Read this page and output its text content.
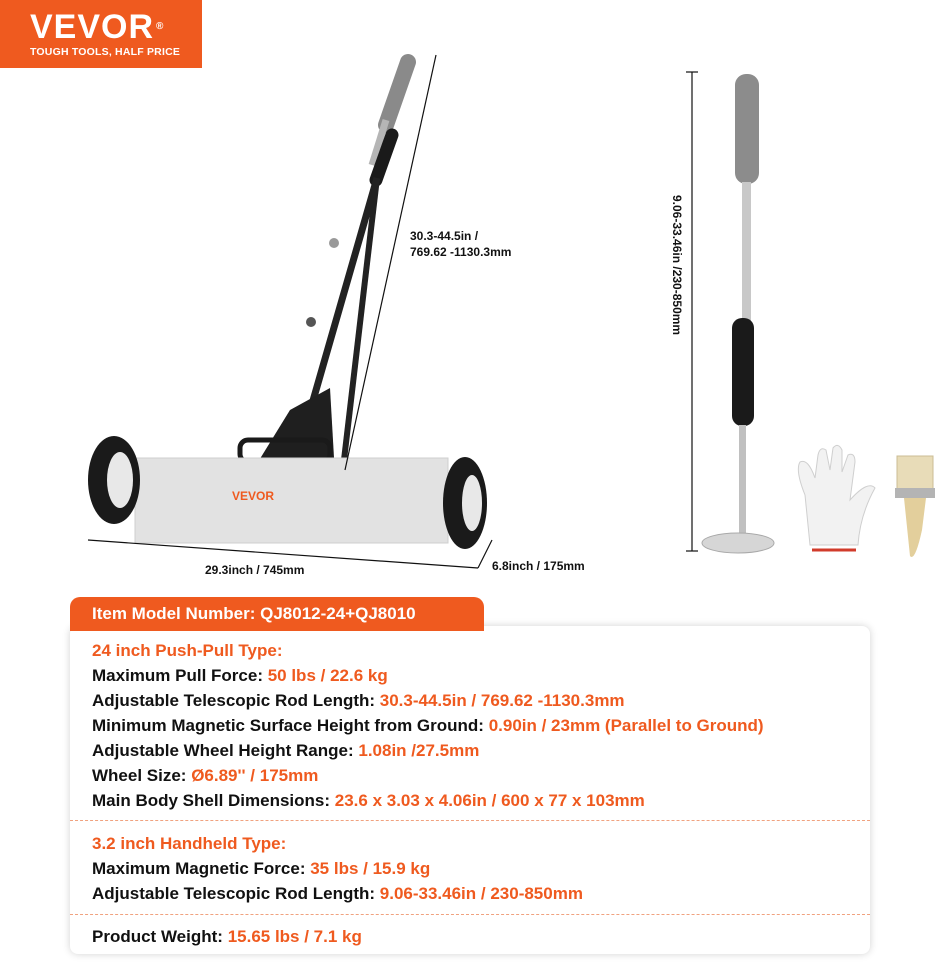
VEVOR ®
TOUGH TOOLS, HALF PRICE
VEVOR
30.3-44.5in /
769.62 -1130.3mm
29.3inch / 745mm	6.8inch / 175mm
9.06-33.46in /230-850mm
Item Model Number: QJ8012-24+QJ8010
24 inch Push-Pull Type:
Maximum Pull Force: 50 lbs / 22.6 kg
Adjustable Telescopic Rod Length: 30.3-44.5in / 769.62 -1130.3mm
Minimum Magnetic Surface Height from Ground: 0.90in / 23mm (Parallel to Ground)
Adjustable Wheel Height Range: 1.08in /27.5mm
Wheel Size: Ø6.89'' / 175mm
Main Body Shell Dimensions: 23.6 x 3.03 x 4.06in / 600 x 77 x 103mm
3.2 inch Handheld Type:
Maximum Magnetic Force: 35 lbs / 15.9 kg
Adjustable Telescopic Rod Length: 9.06-33.46in / 230-850mm
Product Weight: 15.65 lbs / 7.1 kg
